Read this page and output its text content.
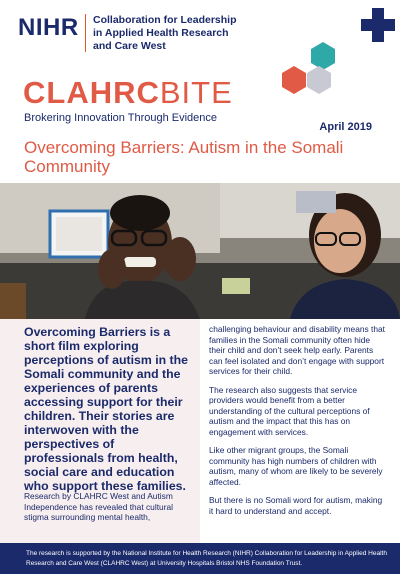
NIHR Collaboration for Leadership
in Applied Health Research
and Care West
CLAHRCBITE
Brokering Innovation Through Evidence
April 2019
Overcoming Barriers: Autism in the Somali Community
Overcoming Barriers is a short film exploring perceptions of autism in the Somali community and the experiences of parents accessing support for their children. Their stories are interwoven with the perspectives of professionals from health, social care and education who support these families.
Research by CLAHRC West and Autism Independence has revealed that cultural stigma surrounding mental health,

challenging behaviour and disability means that families in the Somali community often hide their child and don’t seek help early. Parents can feel isolated and don’t engage with support services for their child.

The research also suggests that service providers would benefit from a better understanding of the cultural perceptions of autism and the impact that this has on engagement with services.

Like other migrant groups, the Somali community has high numbers of children with autism, many of whom are likely to be severely affected.

But there is no Somali word for autism, making it hard to understand and accept.

The research is supported by the National Institute for Health Research (NIHR) Collaboration for Leadership in Applied Health Research and Care West (CLAHRC West) at University Hospitals Bristol NHS Foundation Trust.
